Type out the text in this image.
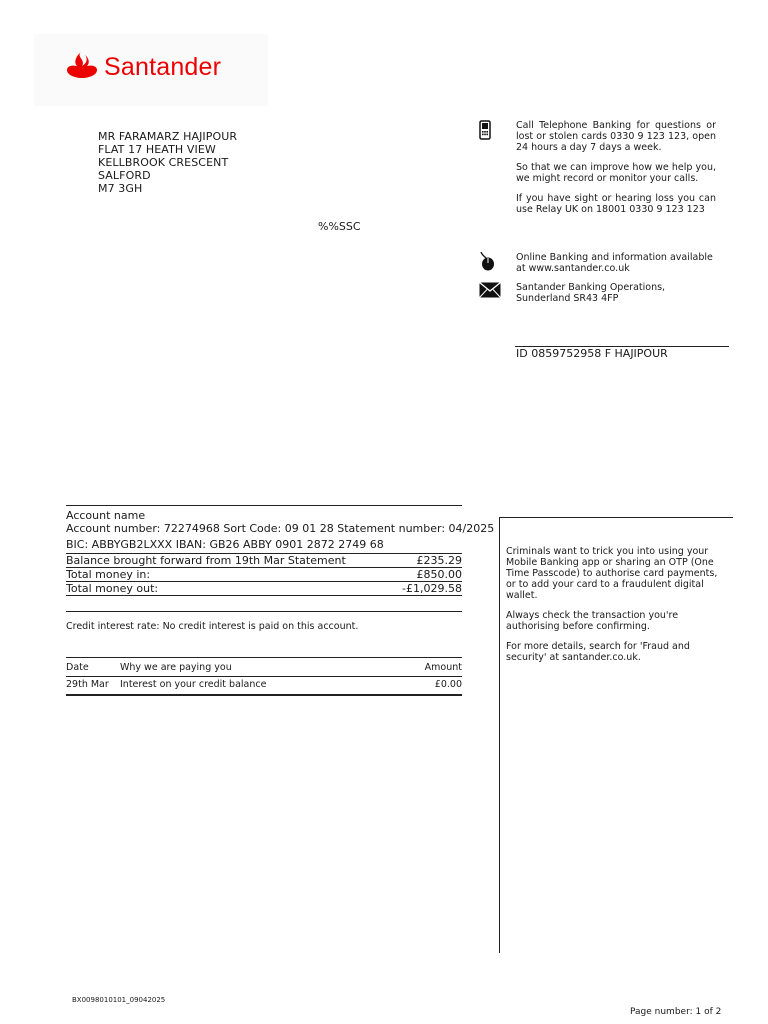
Santander
MR FARAMARZ HAJIPOUR
FLAT 17 HEATH VIEW
KELLBROOK CRESCENT
SALFORD
M7 3GH
%%SSC
Call Telephone Banking for questions or lost or stolen cards 0330 9 123 123, open 24 hours a day 7 days a week.
So that we can improve how we help you, we might record or monitor your calls.
If you have sight or hearing loss you can use Relay UK on 18001 0330 9 123 123
Online Banking and information available at www.santander.co.uk
Santander Banking Operations, Sunderland SR43 4FP
ID 0859752958 F HAJIPOUR
Account name
Account number: 72274968 Sort Code: 09 01 28 Statement number: 04/2025
BIC: ABBYGB2LXXX IBAN: GB26 ABBY 0901 2872 2749 68
Balance brought forward from 19th Mar Statement	£235.29
Total money in:	£850.00
Total money out:	-£1,029.58
Credit interest rate: No credit interest is paid on this account.
Date	Why we are paying you	Amount
29th Mar Interest on your credit balance	£0.00

Criminals want to trick you into using your Mobile Banking app or sharing an OTP (One Time Passcode) to authorise card payments, or to add your card to a fraudulent digital wallet.

Always check the transaction you're authorising before confirming.

For more details, search for 'Fraud and security' at santander.co.uk.

BX0098010101_09042025
Page number: 1 of 2
